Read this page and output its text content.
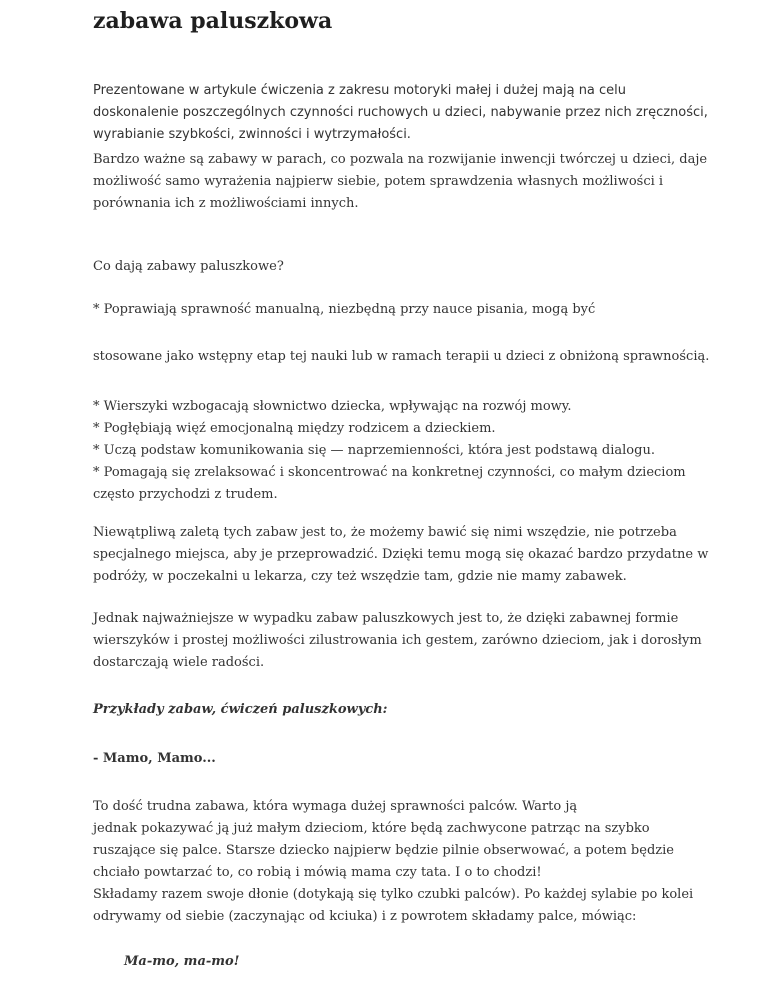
zabawa paluszkowa

Prezentowane w artykule ćwiczenia z zakresu motoryki małej i dużej mają na celu
doskonalenie poszczególnych czynności ruchowych u dzieci, nabywanie przez nich zręczności,
wyrabianie szybkości, zwinności i wytrzymałości.

Bardzo ważne są zabawy w parach, co pozwala na rozwijanie inwencji twórczej u dzieci, daje
możliwość samo wyrażenia najpierw siebie, potem sprawdzenia własnych możliwości i
porównania ich z możliwościami innych.

Co dają zabawy paluszkowe?

* Poprawiają sprawność manualną, niezbędną przy nauce pisania, mogą być

stosowane jako wstępny etap tej nauki lub w ramach terapii u dzieci z obniżoną sprawnością.

* Wierszyki wzbogacają słownictwo dziecka, wpływając na rozwój mowy.
* Pogłębiają więź emocjonalną między rodzicem a dzieckiem.
* Uczą podstaw komunikowania się — naprzemienności, która jest podstawą dialogu.
* Pomagają się zrelaksować i skoncentrować na konkretnej czynności, co małym dzieciom
często przychodzi z trudem.

Niewątpliwą zaletą tych zabaw jest to, że możemy bawić się nimi wszędzie, nie potrzeba
specjalnego miejsca, aby je przeprowadzić. Dzięki temu mogą się okazać bardzo przydatne w
podróży, w poczekalni u lekarza, czy też wszędzie tam, gdzie nie mamy zabawek.

Jednak najważniejsze w wypadku zabaw paluszkowych jest to, że dzięki zabawnej formie
wierszyków i prostej możliwości zilustrowania ich gestem, zarówno dzieciom, jak i dorosłym
dostarczają wiele radości.

Przykłady zabaw, ćwiczeń paluszkowych:

- Mamo, Mamo...

To dość trudna zabawa, która wymaga dużej sprawności palców. Warto ją
jednak pokazywać ją już małym dzieciom, które będą zachwycone patrząc na szybko
ruszające się palce. Starsze dziecko najpierw będzie pilnie obserwować, a potem będzie
chciało powtarzać to, co robią i mówią mama czy tata. I o to chodzi!
Składamy razem swoje dłonie (dotykają się tylko czubki palców). Po każdej sylabie po kolei
odrywamy od siebie (zaczynając od kciuka) i z powrotem składamy palce, mówiąc:

Ma-mo, ma-mo!
